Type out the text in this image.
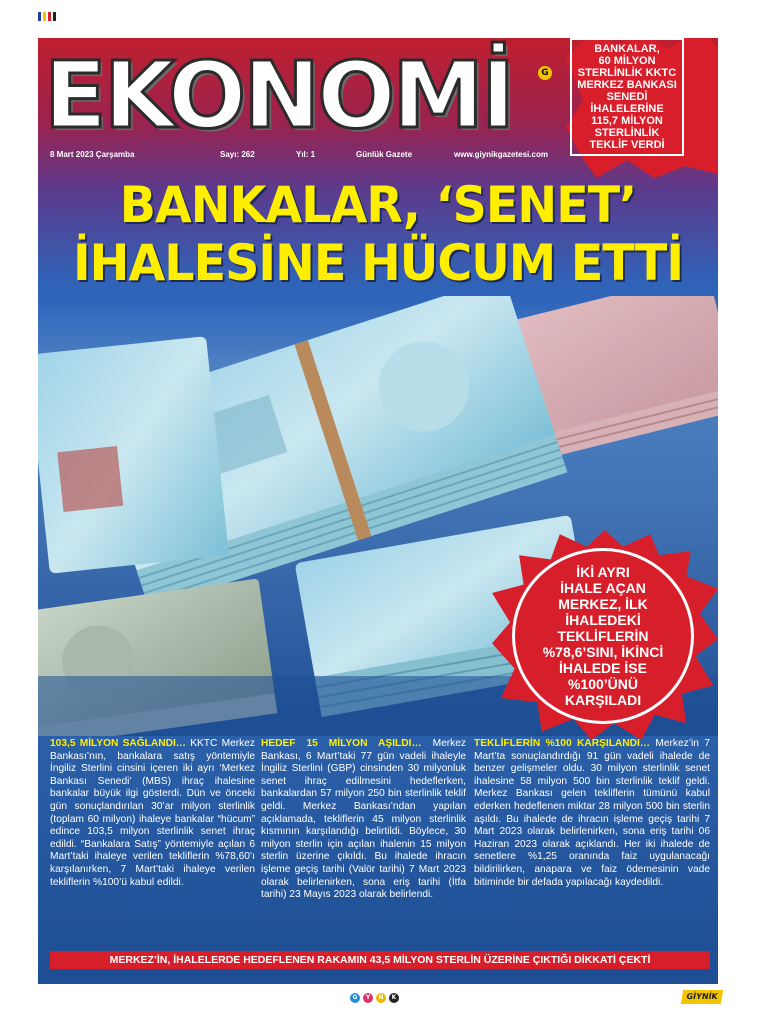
EKONOMİ	G
8 Mart 2023 Çarşamba	Sayı: 262	Yıl: 1	Günlük Gazete	www.giynikgazetesi.com
BANKALAR,
60 MİLYON
STERLİNLİK KKTC
MERKEZ BANKASI
SENEDİ
İHALELERİNE
115,7 MİLYON
STERLİNLİK
TEKLİF VERDİ
BANKALAR, ‘SENET’
İHALESİNE HÜCUM ETTİ
İKİ AYRI
İHALE AÇAN
MERKEZ, İLK
İHALEDEKİ
TEKLİFLERİN
%78,6’SINI, İKİNCİ
İHALEDE İSE
%100’ÜNÜ
KARŞILADI
103,5 MİLYON SAĞLANDI… KKTC Merkez Bankası’nın, bankalara satış yöntemiyle İngiliz Sterlini cinsini içeren iki ayrı ‘Merkez Bankası Senedi’ (MBS) ihraç ihalesine bankalar büyük ilgi gösterdi. Dün ve önceki gün sonuçlandırılan 30’ar milyon sterlinlik (toplam 60 milyon) ihaleye bankalar “hücum” edince 103,5 milyon sterlinlik senet ihraç edildi. “Bankalara Satış” yöntemiyle açılan 6 Mart’taki ihaleye verilen tekliflerin %78,60’ı karşılanırken, 7 Mart’taki ihaleye verilen tekliflerin %100’ü kabul edildi.
HEDEF 15 MİLYON AŞILDI… Merkez Bankası, 6 Mart’taki 77 gün vadeli ihaleyle İngiliz Sterlini (GBP) cinsinden 30 milyonluk senet ihraç edilmesini hedeflerken, bankalardan 57 milyon 250 bin sterlinlik teklif geldi. Merkez Bankası’ndan yapılan açıklamada, tekliflerin 45 milyon sterlinlik kısmının karşılandığı belirtildi. Böylece, 30 milyon sterlin için açılan ihalenin 15 milyon sterlin üzerine çıkıldı. Bu ihalede ihracın işleme geçiş tarihi (Valör tarihi) 7 Mart 2023 olarak belirlenirken, sona eriş tarihi (İtfa tarihi) 23 Mayıs 2023 olarak belirlendi.
TEKLİFLERİN %100 KARŞILANDI… Merkez’in 7 Mart’ta sonuçlandırdığı 91 gün vadeli ihalede de benzer gelişmeler oldu. 30 milyon sterlinlik senet ihalesine 58 milyon 500 bin sterlinlik teklif geldi. Merkez Bankası gelen tekliflerin tümünü kabul ederken hedeflenen miktar 28 milyon 500 bin sterlin aşıldı. Bu ihalede de ihracın işleme geçiş tarihi 7 Mart 2023 olarak belirlenirken, sona eriş tarihi 06 Haziran 2023 olarak açıklandı. Her iki ihalede de senetlere %1,25 oranında faiz uygulanacağı bildirilirken, anapara ve faiz ödemesinin vade bitiminde bir defada yapılacağı kaydedildi.
MERKEZ’İN, İHALELERDE HEDEFLENEN RAKAMIN 43,5 MİLYON STERLİN ÜZERİNE ÇIKTIĞI DİKKATİ ÇEKTİ
G	Y	N	K	GİYNİK
